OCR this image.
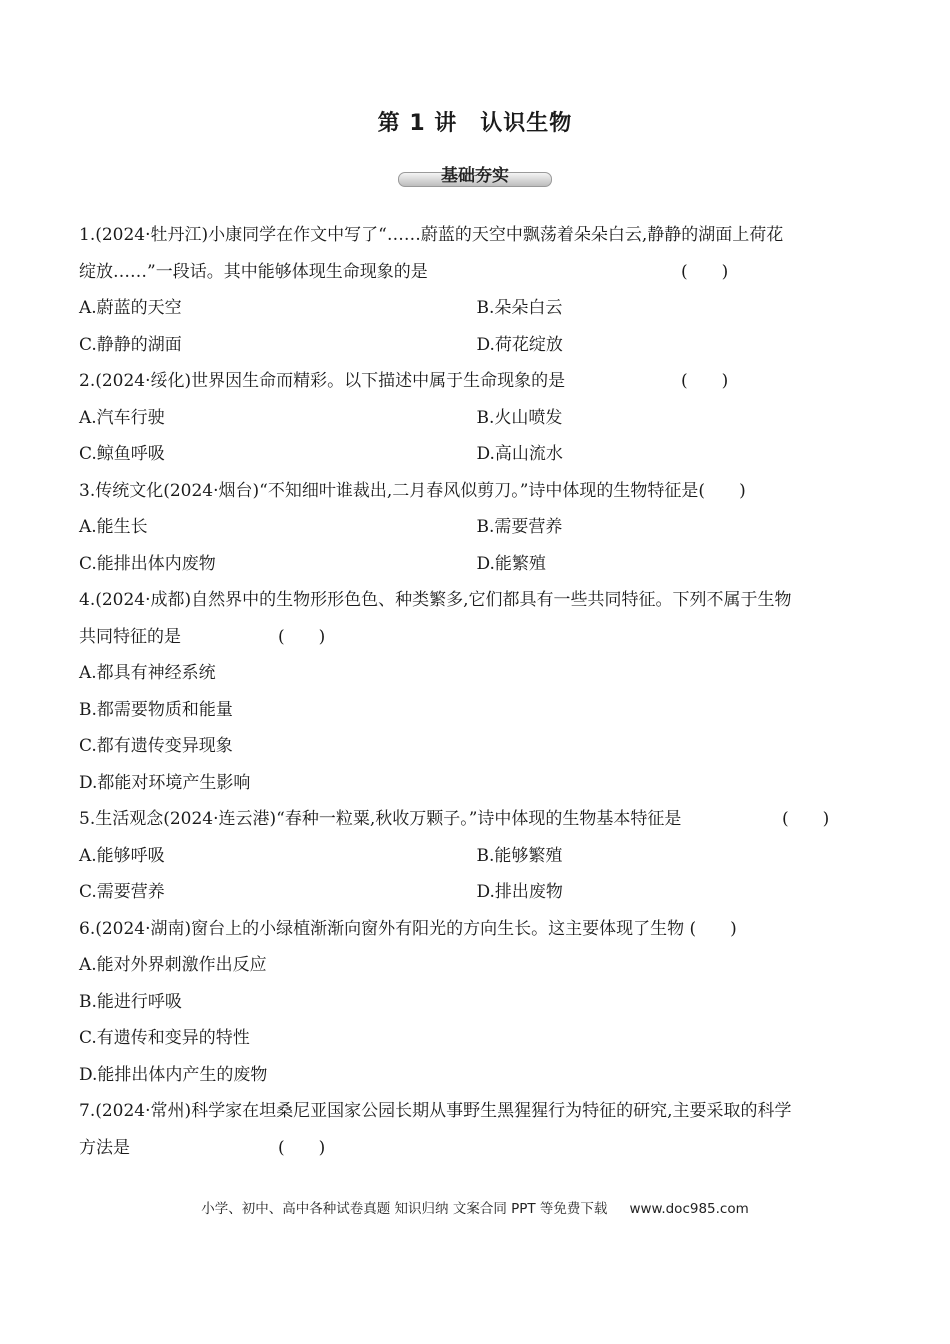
第 1 讲　认识生物
基础夯实
1.(2024·牡丹江)小康同学在作文中写了“……蔚蓝的天空中飘荡着朵朵白云,静静的湖面上荷花
绽放……”一段话。其中能够体现生命现象的是	(　　)
A.蔚蓝的天空	B.朵朵白云
C.静静的湖面	D.荷花绽放
2.(2024·绥化)世界因生命而精彩。以下描述中属于生命现象的是	(　　)
A.汽车行驶	B.火山喷发
C.鲸鱼呼吸	D.高山流水
3.传统文化(2024·烟台)“不知细叶谁裁出,二月春风似剪刀。”诗中体现的生物特征是(　　)
A.能生长	B.需要营养
C.能排出体内废物	D.能繁殖
4.(2024·成都)自然界中的生物形形色色、种类繁多,它们都具有一些共同特征。下列不属于生物
共同特征的是	(　　)
A.都具有神经系统
B.都需要物质和能量
C.都有遗传变异现象
D.都能对环境产生影响
5.生活观念(2024·连云港)“春种一粒粟,秋收万颗子。”诗中体现的生物基本特征是	(　　)
A.能够呼吸	B.能够繁殖
C.需要营养	D.排出废物
6.(2024·湖南)窗台上的小绿植渐渐向窗外有阳光的方向生长。这主要体现了生物 (　　)
A.能对外界刺激作出反应
B.能进行呼吸
C.有遗传和变异的特性
D.能排出体内产生的废物
7.(2024·常州)科学家在坦桑尼亚国家公园长期从事野生黑猩猩行为特征的研究,主要采取的科学
方法是	(　　)
小学、初中、高中各种试卷真题 知识归纳 文案合同 PPT 等免费下载 www.doc985.com
